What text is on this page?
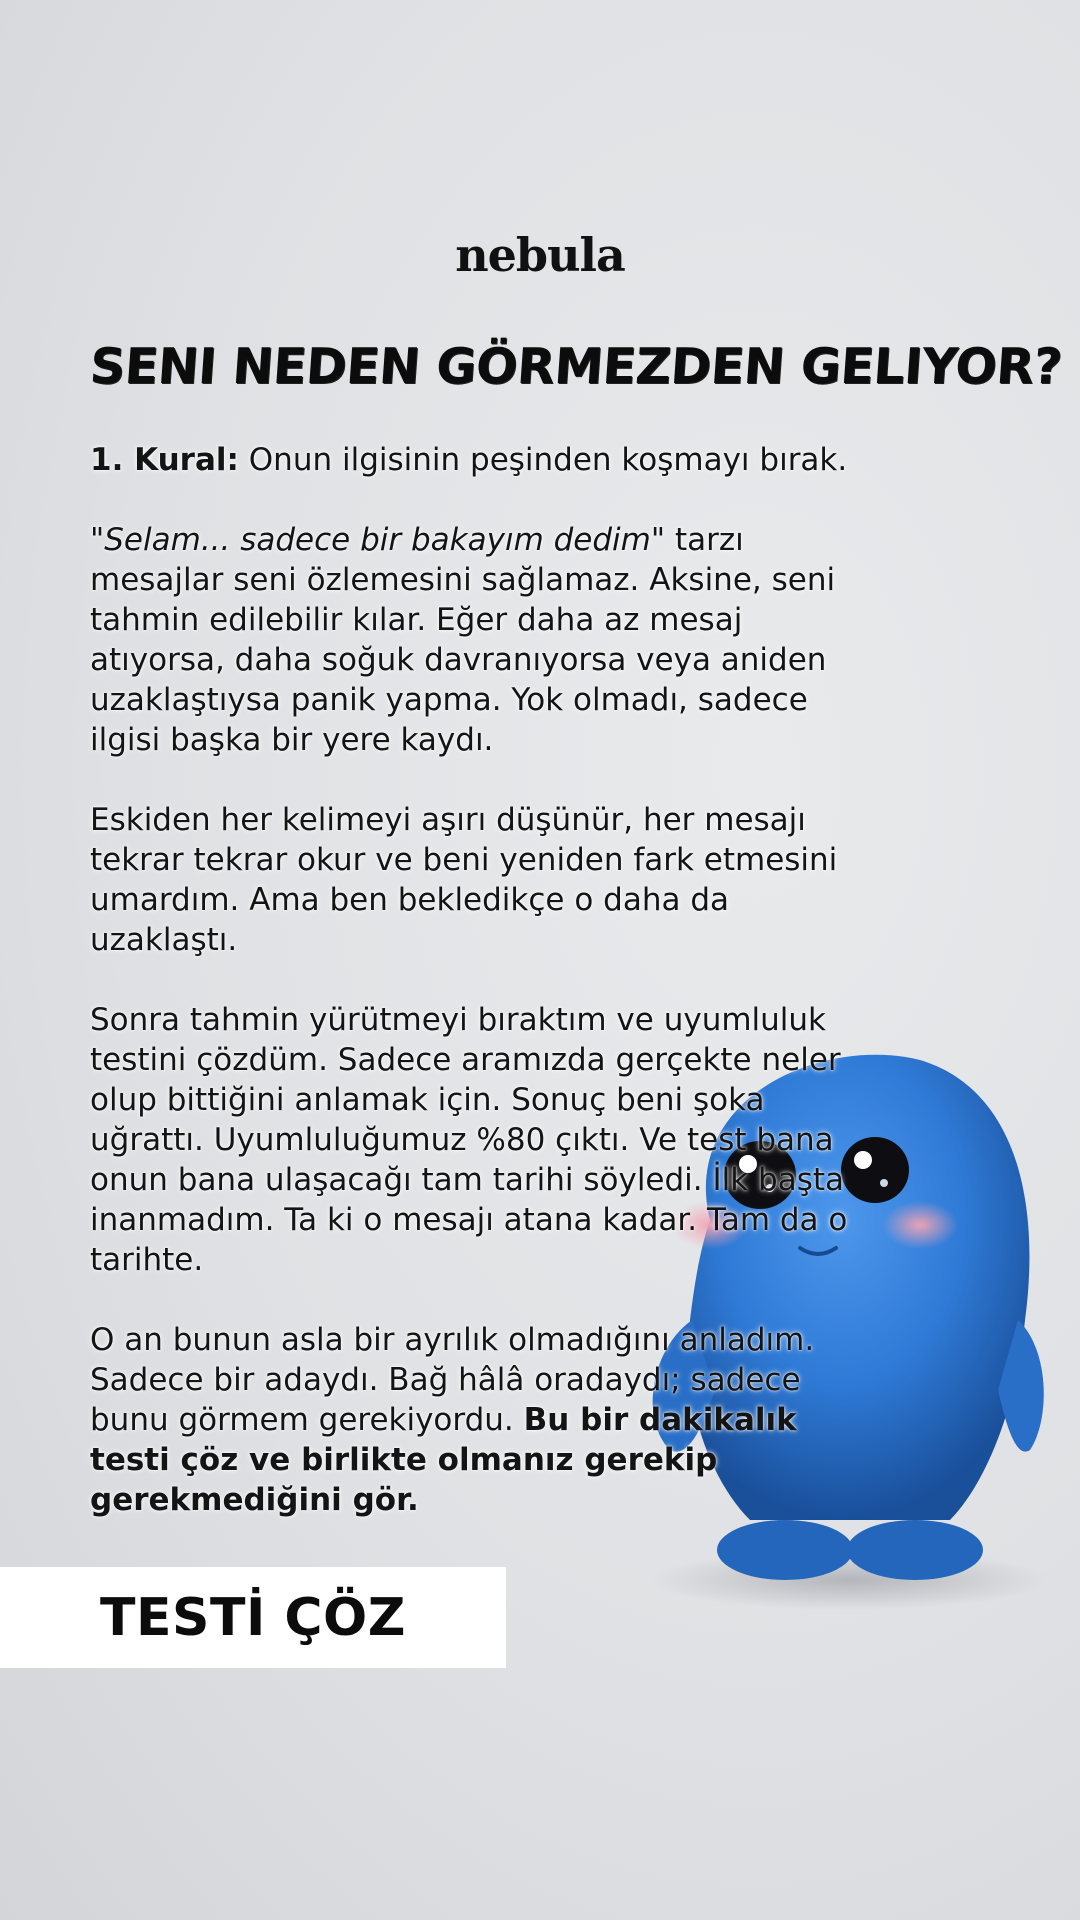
nebula
SENI NEDEN GÖRMEZDEN GELIYOR?

1. Kural: Onun ilgisinin peşinden koşmayı bırak.

"Selam... sadece bir bakayım dedim" tarzı mesajlar seni özlemesini sağlamaz. Aksine, seni tahmin edilebilir kılar. Eğer daha az mesaj atıyorsa, daha soğuk davranıyorsa veya aniden uzaklaştıysa panik yapma. Yok olmadı, sadece ilgisi başka bir yere kaydı.

Eskiden her kelimeyi aşırı düşünür, her mesajı tekrar tekrar okur ve beni yeniden fark etmesini umardım. Ama ben bekledikçe o daha da uzaklaştı.

Sonra tahmin yürütmeyi bıraktım ve uyumluluk testini çözdüm. Sadece aramızda gerçekte neler olup bittiğini anlamak için. Sonuç beni şoka uğrattı. Uyumluluğumuz %80 çıktı. Ve test bana onun bana ulaşacağı tam tarihi söyledi. İlk başta inanmadım. Ta ki o mesajı atana kadar. Tam da o tarihte.

O an bunun asla bir ayrılık olmadığını anladım. Sadece bir adaydı. Bağ hâlâ oradaydı; sadece bunu görmem gerekiyordu. Bu bir dakikalık testi çöz ve birlikte olmanız gerekip gerekmediğini gör.

TESTİ ÇÖZ
